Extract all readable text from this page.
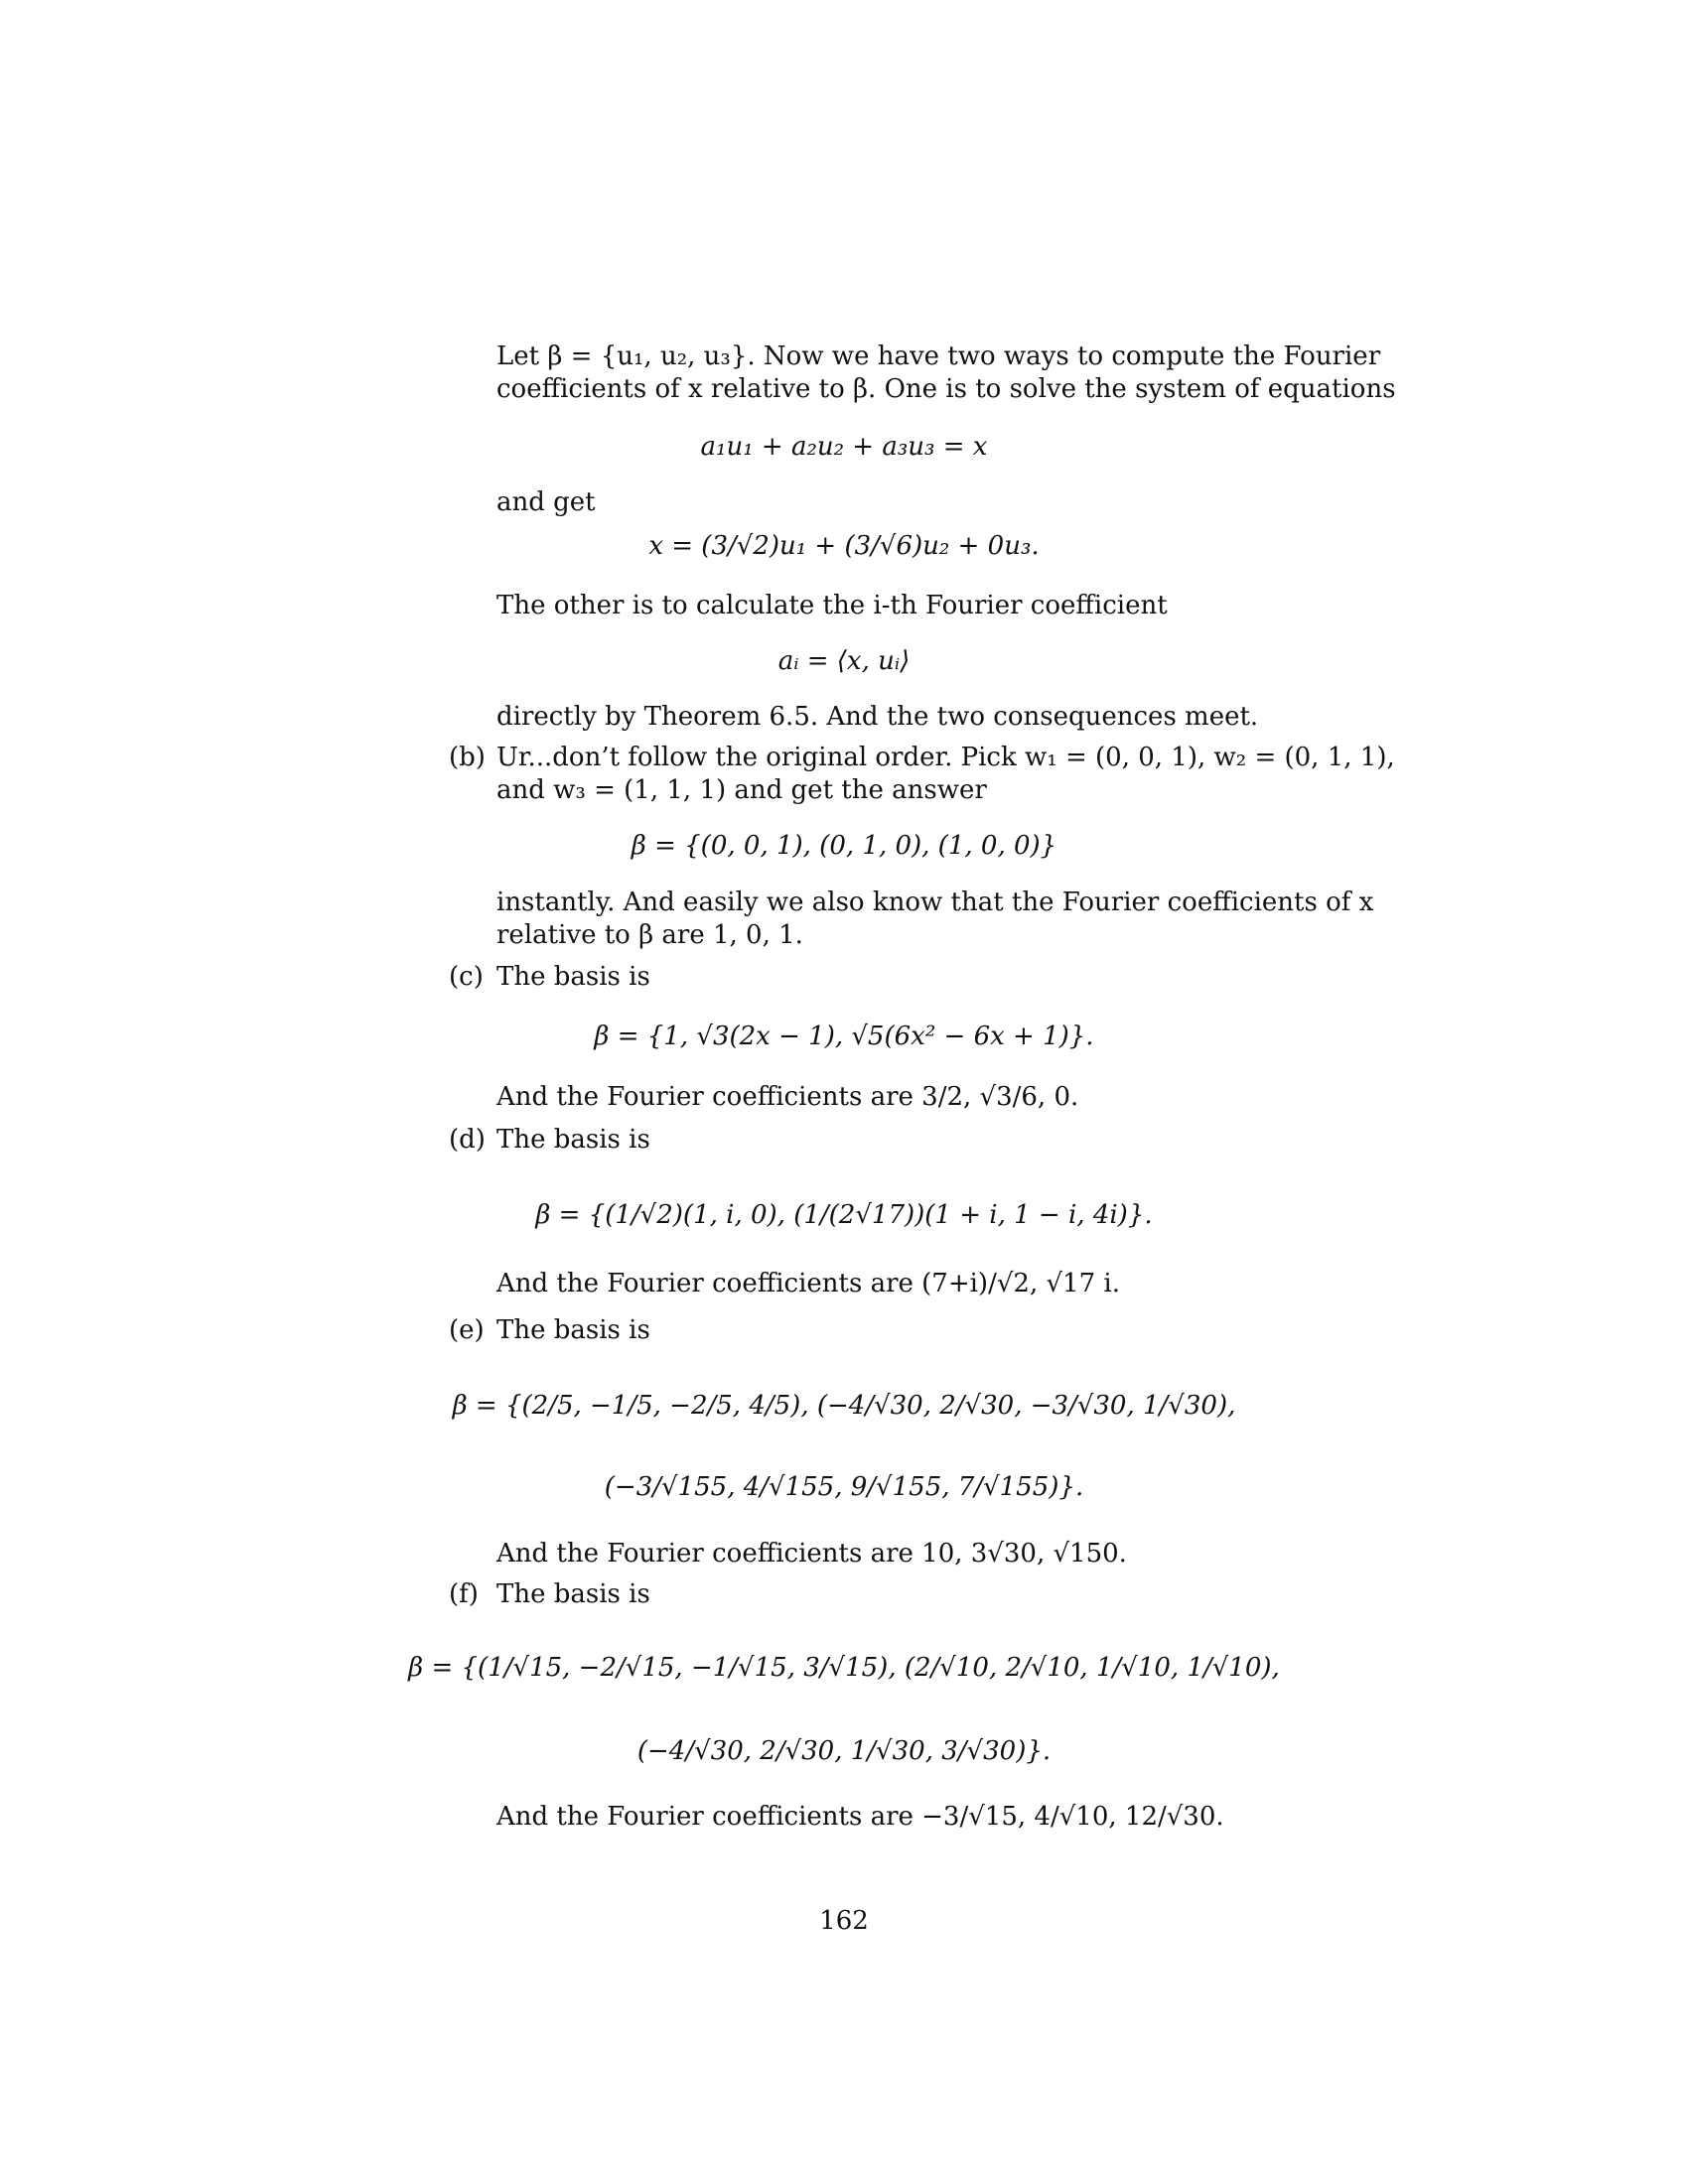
Let β = {u₁, u₂, u₃}. Now we have two ways to compute the Fourier
coefficients of x relative to β. One is to solve the system of equations
a₁u₁ + a₂u₂ + a₃u₃ = x
and get
x = (3/√2)u₁ + (3/√6)u₂ + 0u₃.
The other is to calculate the i-th Fourier coefficient
aᵢ = ⟨x, uᵢ⟩
directly by Theorem 6.5. And the two consequences meet.
(b) Ur...don’t follow the original order. Pick w₁ = (0, 0, 1), w₂ = (0, 1, 1),
and w₃ = (1, 1, 1) and get the answer
β = {(0, 0, 1), (0, 1, 0), (1, 0, 0)}
instantly. And easily we also know that the Fourier coefficients of x
relative to β are 1, 0, 1.
(c) The basis is
β = {1, √3(2x − 1), √5(6x² − 6x + 1)}.
And the Fourier coefficients are 3/2, √3/6, 0.
(d) The basis is
β = {(1/√2)(1, i, 0), (1/(2√17))(1 + i, 1 − i, 4i)}.
And the Fourier coefficients are (7+i)/√2, √17 i.
(e) The basis is
β = {(2/5, −1/5, −2/5, 4/5), (−4/√30, 2/√30, −3/√30, 1/√30),
(−3/√155, 4/√155, 9/√155, 7/√155)}.
And the Fourier coefficients are 10, 3√30, √150.
(f) The basis is
β = {(1/√15, −2/√15, −1/√15, 3/√15), (2/√10, 2/√10, 1/√10, 1/√10),
(−4/√30, 2/√30, 1/√30, 3/√30)}.
And the Fourier coefficients are −3/√15, 4/√10, 12/√30.
162
